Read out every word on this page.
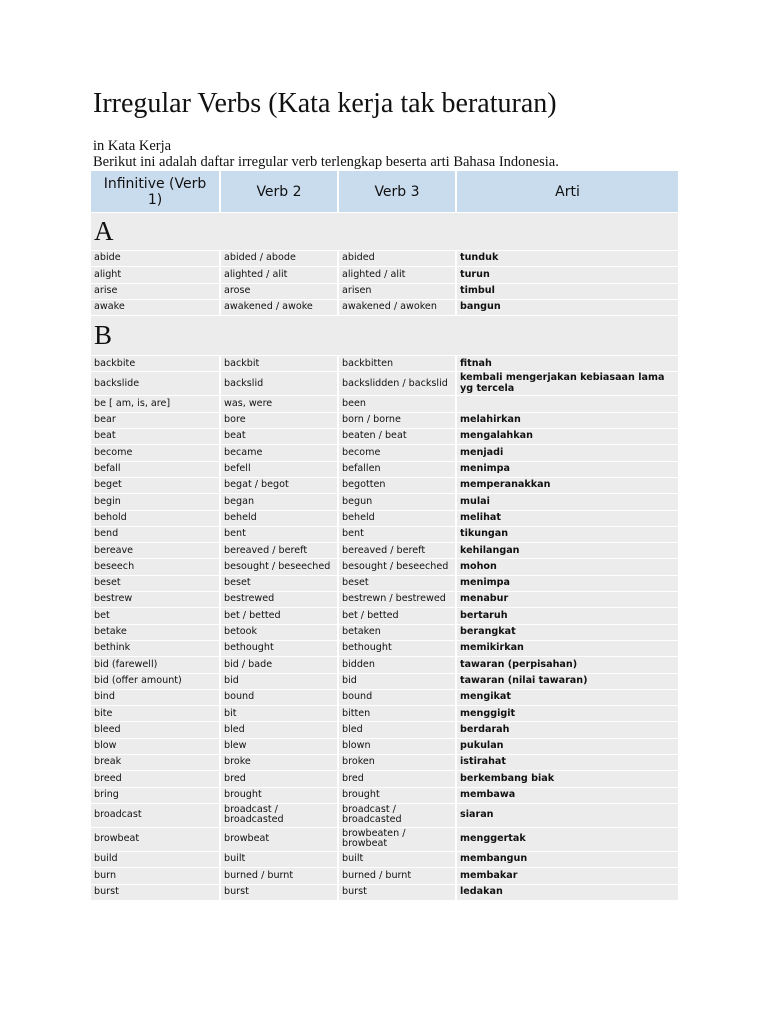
Irregular Verbs (Kata kerja tak beraturan)
in Kata Kerja
Berikut ini adalah daftar irregular verb terlengkap beserta arti Bahasa Indonesia.
Infinitive (Verb 1)	Verb 2	Verb 3	Arti
A			
abide	abided / abode	abided	tunduk
alight	alighted / alit	alighted / alit	turun
arise	arose	arisen	timbul
awake	awakened / awoke	awakened / awoken	bangun
B			
backbite	backbit	backbitten	fitnah
backslide	backslid	backslidden / backslid	kembali mengerjakan kebiasaan lama yg tercela
be [ am, is, are]	was, were	been	
bear	bore	born / borne	melahirkan
beat	beat	beaten / beat	mengalahkan
become	became	become	menjadi
befall	befell	befallen	menimpa
beget	begat / begot	begotten	memperanakkan
begin	began	begun	mulai
behold	beheld	beheld	melihat
bend	bent	bent	tikungan
bereave	bereaved / bereft	bereaved / bereft	kehilangan
beseech	besought / beseeched	besought / beseeched	mohon
beset	beset	beset	menimpa
bestrew	bestrewed	bestrewn / bestrewed	menabur
bet	bet / betted	bet / betted	bertaruh
betake	betook	betaken	berangkat
bethink	bethought	bethought	memikirkan
bid (farewell)	bid / bade	bidden	tawaran (perpisahan)
bid (offer amount)	bid	bid	tawaran (nilai tawaran)
bind	bound	bound	mengikat
bite	bit	bitten	menggigit
bleed	bled	bled	berdarah
blow	blew	blown	pukulan
break	broke	broken	istirahat
breed	bred	bred	berkembang biak
bring	brought	brought	membawa
broadcast	broadcast / broadcasted	broadcast / broadcasted	siaran
browbeat	browbeat	browbeaten / browbeat	menggertak
build	built	built	membangun
burn	burned / burnt	burned / burnt	membakar
burst	burst	burst	ledakan
